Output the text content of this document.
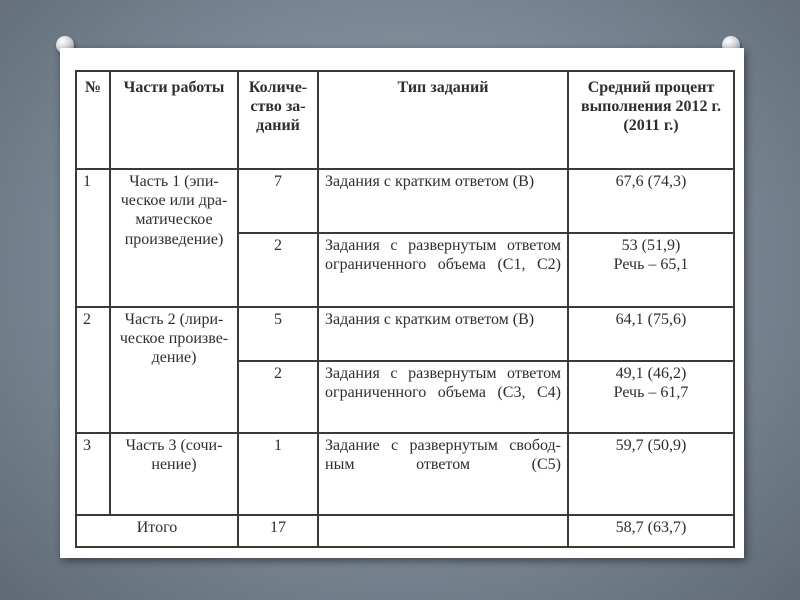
№	Части работы	Количе-ство за-даний	Тип заданий	Средний процент выполнения 2012 г. (2011 г.)
1	Часть 1 (эпи-ческое или дра-матическое произведение)	7	Задания с кратким ответом (В)	67,6 (74,3)
		2	Задания с развернутым ответом ограниченного объема (С1, С2)	53 (51,9)
Речь – 65,1

2	Часть 2 (лири-ческое произве-дение)	5	Задания с кратким ответом (В)	64,1 (75,6)
		2	Задания с развернутым ответом ограниченного объема (С3, С4)	49,1 (46,2)
Речь – 61,7

3	Часть 3 (сочи-нение)	1	Задание с развернутым свобод-ным ответом (С5)	59,7 (50,9)
Итого		17		58,7 (63,7)
